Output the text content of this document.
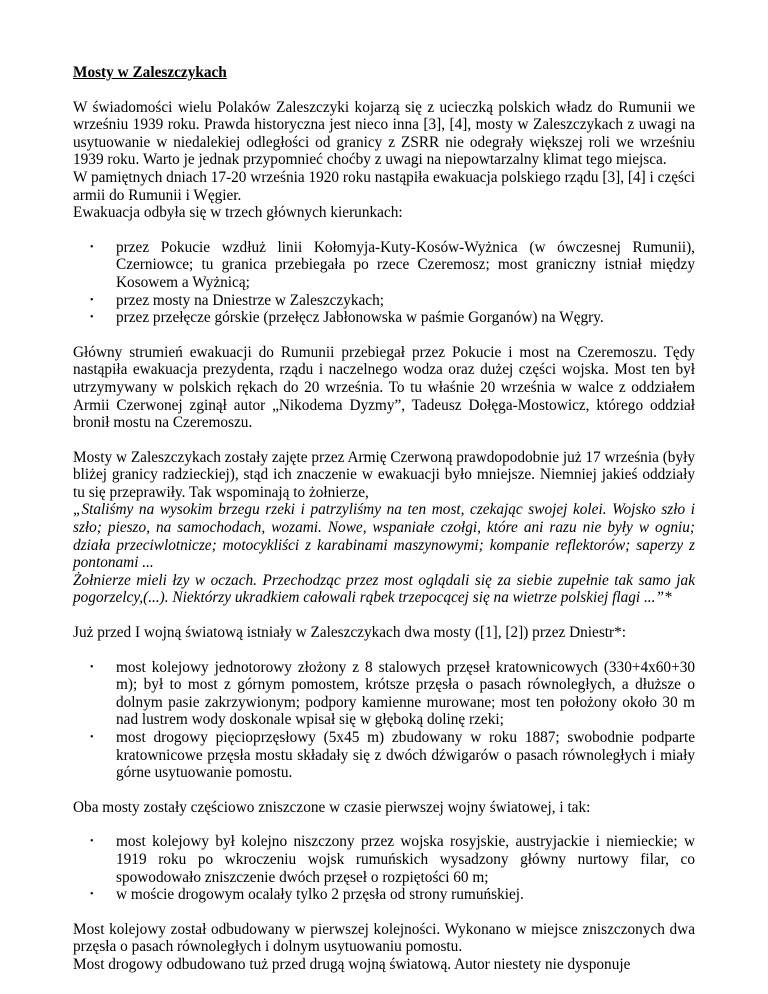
Mosty w Zaleszczykach

W świadomości wielu Polaków Zaleszczyki kojarzą się z ucieczką polskich władz do Rumunii we wrześniu 1939 roku. Prawda historyczna jest nieco inna [3], [4], mosty w Zaleszczykach z uwagi na usytuowanie w niedalekiej odległości od granicy z ZSRR nie odegrały większej roli we wrześniu 1939 roku. Warto je jednak przypomnieć choćby z uwagi na niepowtarzalny klimat tego miejsca.

W pamiętnych dniach 17-20 września 1920 roku nastąpiła ewakuacja polskiego rządu [3], [4] i części armii do Rumunii i Węgier.

Ewakuacja odbyła się w trzech głównych kierunkach:

• przez Pokucie wzdłuż linii Kołomyja-Kuty-Kosów-Wyżnica (w ówczesnej Rumunii), Czerniowce; tu granica przebiegała po rzece Czeremosz; most graniczny istniał między Kosowem a Wyżnicą;
• przez mosty na Dniestrze w Zaleszczykach;
• przez przełęcze górskie (przełęcz Jabłonowska w paśmie Gorganów) na Węgry.

Główny strumień ewakuacji do Rumunii przebiegał przez Pokucie i most na Czeremoszu. Tędy nastąpiła ewakuacja prezydenta, rządu i naczelnego wodza oraz dużej części wojska. Most ten był utrzymywany w polskich rękach do 20 września. To tu właśnie 20 września w walce z oddziałem Armii Czerwonej zginął autor „Nikodema Dyzmy”, Tadeusz Dołęga-Mostowicz, którego oddział bronił mostu na Czeremoszu.

Mosty w Zaleszczykach zostały zajęte przez Armię Czerwoną prawdopodobnie już 17 września (były bliżej granicy radzieckiej), stąd ich znaczenie w ewakuacji było mniejsze. Niemniej jakieś oddziały tu się przeprawiły. Tak wspominają to żołnierze,

„Staliśmy na wysokim brzegu rzeki i patrzyliśmy na ten most, czekając swojej kolei. Wojsko szło i szło; pieszo, na samochodach, wozami. Nowe, wspaniałe czołgi, które ani razu nie były w ogniu; działa przeciwlotnicze; motocykliści z karabinami maszynowymi; kompanie reflektorów; saperzy z pontonami ...

Żołnierze mieli łzy w oczach. Przechodząc przez most oglądali się za siebie zupełnie tak samo jak pogorzelcy,(...). Niektórzy ukradkiem całowali rąbek trzepocącej się na wietrze polskiej flagi ...”*

Już przed I wojną światową istniały w Zaleszczykach dwa mosty ([1], [2]) przez Dniestr*:

• most kolejowy jednotorowy złożony z 8 stalowych przęseł kratownicowych (330+4x60+30 m); był to most z górnym pomostem, krótsze przęsła o pasach równoległych, a dłuższe o dolnym pasie zakrzywionym; podpory kamienne murowane; most ten położony około 30 m nad lustrem wody doskonale wpisał się w głęboką dolinę rzeki;
• most drogowy pięcioprzęsłowy (5x45 m) zbudowany w roku 1887; swobodnie podparte kratownicowe przęsła mostu składały się z dwóch dźwigarów o pasach równoległych i miały górne usytuowanie pomostu.

Oba mosty zostały częściowo zniszczone w czasie pierwszej wojny światowej, i tak:

• most kolejowy był kolejno niszczony przez wojska rosyjskie, austryjackie i niemieckie; w 1919 roku po wkroczeniu wojsk rumuńskich wysadzony główny nurtowy filar, co spowodowało zniszczenie dwóch przęseł o rozpiętości 60 m;
• w moście drogowym ocalały tylko 2 przęsła od strony rumuńskiej.

Most kolejowy został odbudowany w pierwszej kolejności. Wykonano w miejsce zniszczonych dwa przęsła o pasach równoległych i dolnym usytuowaniu pomostu.

Most drogowy odbudowano tuż przed drugą wojną światową. Autor niestety nie dysponuje
